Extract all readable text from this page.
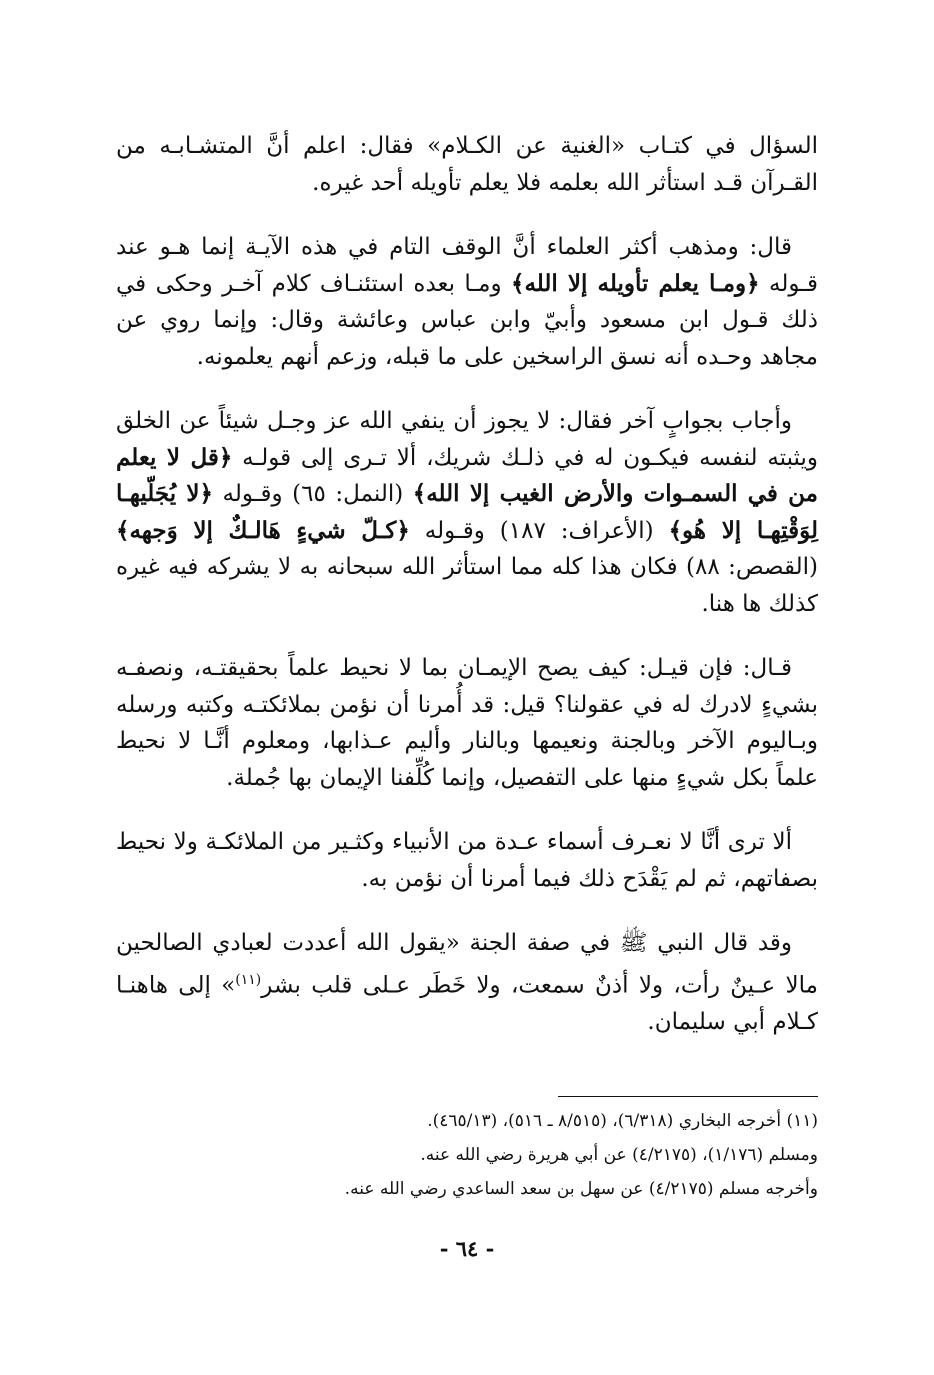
السؤال في كتـاب «الغنية عن الكـلام» فقال: اعلم أنَّ المتشـابـه من القـرآن قـد استأثر الله بعلمه فلا يعلم تأويله أحد غيره.

قال: ومذهب أكثر العلماء أنَّ الوقف التام في هذه الآيـة إنما هـو عند قـوله ﴿ومـا يعلم تأويله إلا الله﴾ ومـا بعده استئنـاف كلام آخـر وحكى في ذلك قـول ابن مسعود وأبيّ وابن عباس وعائشة وقال: وإنما روي عن مجاهد وحـده أنه نسق الراسخين على ما قبله، وزعم أنهم يعلمونه.

وأجاب بجوابٍ آخر فقال: لا يجوز أن ينفي الله عز وجـل شيئاً عن الخلق ويثبته لنفسه فيكـون له في ذلـك شريك، ألا تـرى إلى قولـه ﴿قل لا يعلم من في السمـوات والأرض الغيب إلا الله﴾ (النمل: ٦٥) وقـوله ﴿لا يُجَلّيهـا لِوَقْتِهـا إلا هُو﴾ (الأعراف: ١٨٧) وقـوله ﴿كـلّ شيءٍ هَالـكٌ إلا وَجهه﴾ (القصص: ٨٨) فكان هذا كله مما استأثر الله سبحانه به لا يشركه فيه غيره كذلك ها هنا.

قـال: فإن قيـل: كيف يصح الإيمـان بما لا نحيط علماً بحقيقتـه، ونصفـه بشيءٍ لادرك له في عقولنا؟ قيل: قد أُمرنا أن نؤمن بملائكتـه وكتبه ورسله وبـاليوم الآخر وبالجنة ونعيمها وبالنار وأليم عـذابها، ومعلوم أنَّـا لا نحيط علماً بكل شيءٍ منها على التفصيل، وإنما كُلِّفنا الإيمان بها جُملة.

ألا ترى أنَّا لا نعـرف أسماء عـدة من الأنبياء وكثـير من الملائكـة ولا نحيط بصفاتهم، ثم لم يَقْدَح ذلك فيما أمرنا أن نؤمن به.

وقد قال النبي ﷺ في صفة الجنة «يقول الله أعددت لعبادي الصالحين مالا عـينٌ رأت، ولا أذنٌ سمعت، ولا خَطَر عـلى قلب بشر$^{(١١)}$» إلى هاهنـا كـلام أبي سليمان.

(١١) أخرجه البخاري (٦/٣١٨)، (٨/٥١٥ ـ ٥١٦)، (٤٦٥/١٣).
ومسلم (١/١٧٦)، (٤/٢١٧٥) عن أبي هريرة رضي الله عنه.
وأخرجه مسلم (٤/٢١٧٥) عن سهل بن سعد الساعدي رضي الله عنه.
- ٦٤ -
